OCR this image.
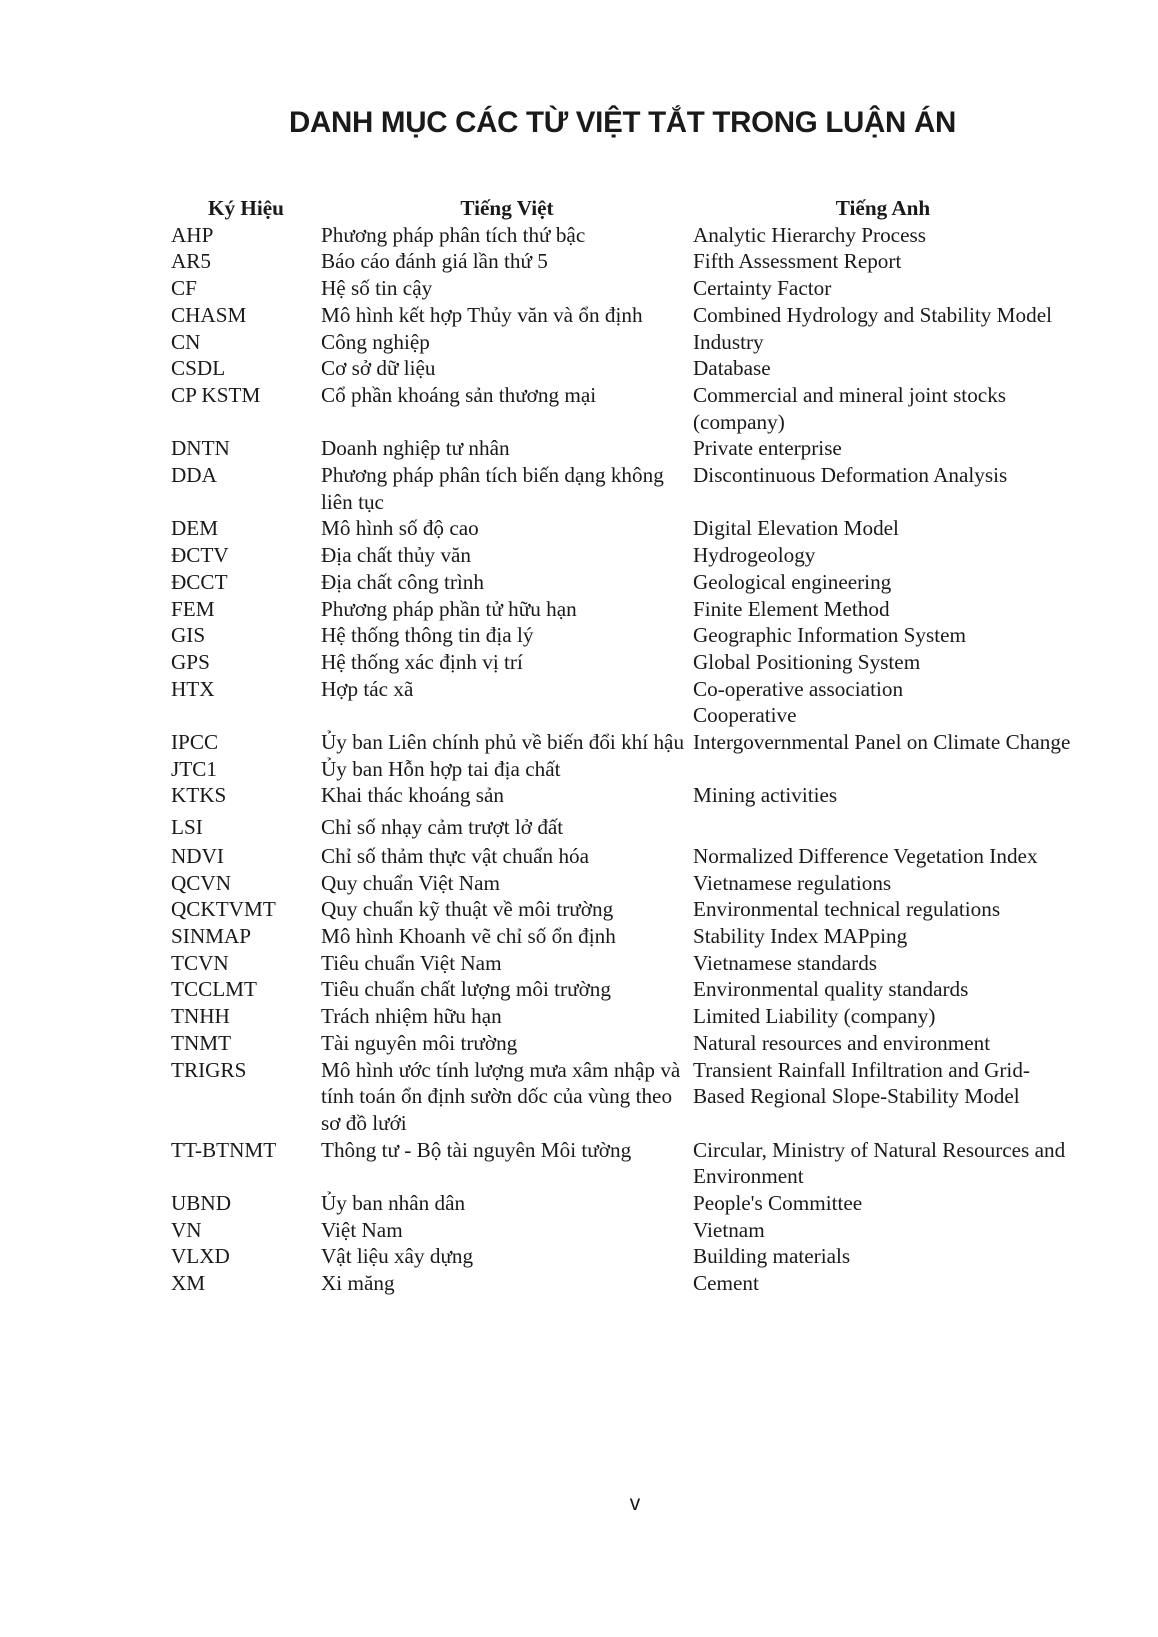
DANH MỤC CÁC TỪ VIỆT TẮT TRONG LUẬN ÁN
Ký Hiệu	Tiếng Việt	Tiếng Anh
AHP	Phương pháp phân tích thứ bậc	Analytic Hierarchy Process
AR5	Báo cáo đánh giá lần thứ 5	Fifth Assessment Report
CF	Hệ số tin cậy	Certainty Factor
CHASM	Mô hình kết hợp Thủy văn và ổn định	Combined Hydrology and Stability Model
CN	Công nghiệp	Industry
CSDL	Cơ sở dữ liệu	Database
CP KSTM	Cổ phần khoáng sản thương mại	Commercial and mineral joint stocks (company)
DNTN	Doanh nghiệp tư nhân	Private enterprise
DDA	Phương pháp phân tích biến dạng không liên tục	Discontinuous Deformation Analysis
DEM	Mô hình số độ cao	Digital Elevation Model
ĐCTV	Địa chất thủy văn	Hydrogeology
ĐCCT	Địa chất công trình	Geological engineering
FEM	Phương pháp phần tử hữu hạn	Finite Element Method
GIS	Hệ thống thông tin địa lý	Geographic Information System
GPS	Hệ thống xác định vị trí	Global Positioning System
HTX	Hợp tác xã	Co-operative association
Cooperative
IPCC	Ủy ban Liên chính phủ về biến đổi khí hậu	Intergovernmental Panel on Climate Change
JTC1	Ủy ban Hỗn hợp tai địa chất	
KTKS	Khai thác khoáng sản	Mining activities
LSI	Chỉ số nhạy cảm trượt lở đất	
NDVI	Chỉ số thảm thực vật chuẩn hóa	Normalized Difference Vegetation Index
QCVN	Quy chuẩn Việt Nam	Vietnamese regulations
QCKTVMT	Quy chuẩn kỹ thuật về môi trường	Environmental technical regulations
SINMAP	Mô hình Khoanh vẽ chỉ số ổn định	Stability Index MAPping
TCVN	Tiêu chuẩn Việt Nam	Vietnamese standards
TCCLMT	Tiêu chuẩn chất lượng môi trường	Environmental quality standards
TNHH	Trách nhiệm hữu hạn	Limited Liability (company)
TNMT	Tài nguyên môi trường	Natural resources and environment
TRIGRS	Mô hình ước tính lượng mưa xâm nhập và tính toán ổn định sườn dốc của vùng theo sơ đồ lưới	Transient Rainfall Infiltration and Grid-Based Regional Slope-Stability Model
TT-BTNMT	Thông tư - Bộ tài nguyên Môi tường	Circular, Ministry of Natural Resources and Environment
UBND	Ủy ban nhân dân	People's Committee
VN	Việt Nam	Vietnam
VLXD	Vật liệu xây dựng	Building materials
XM	Xi măng	Cement
v
